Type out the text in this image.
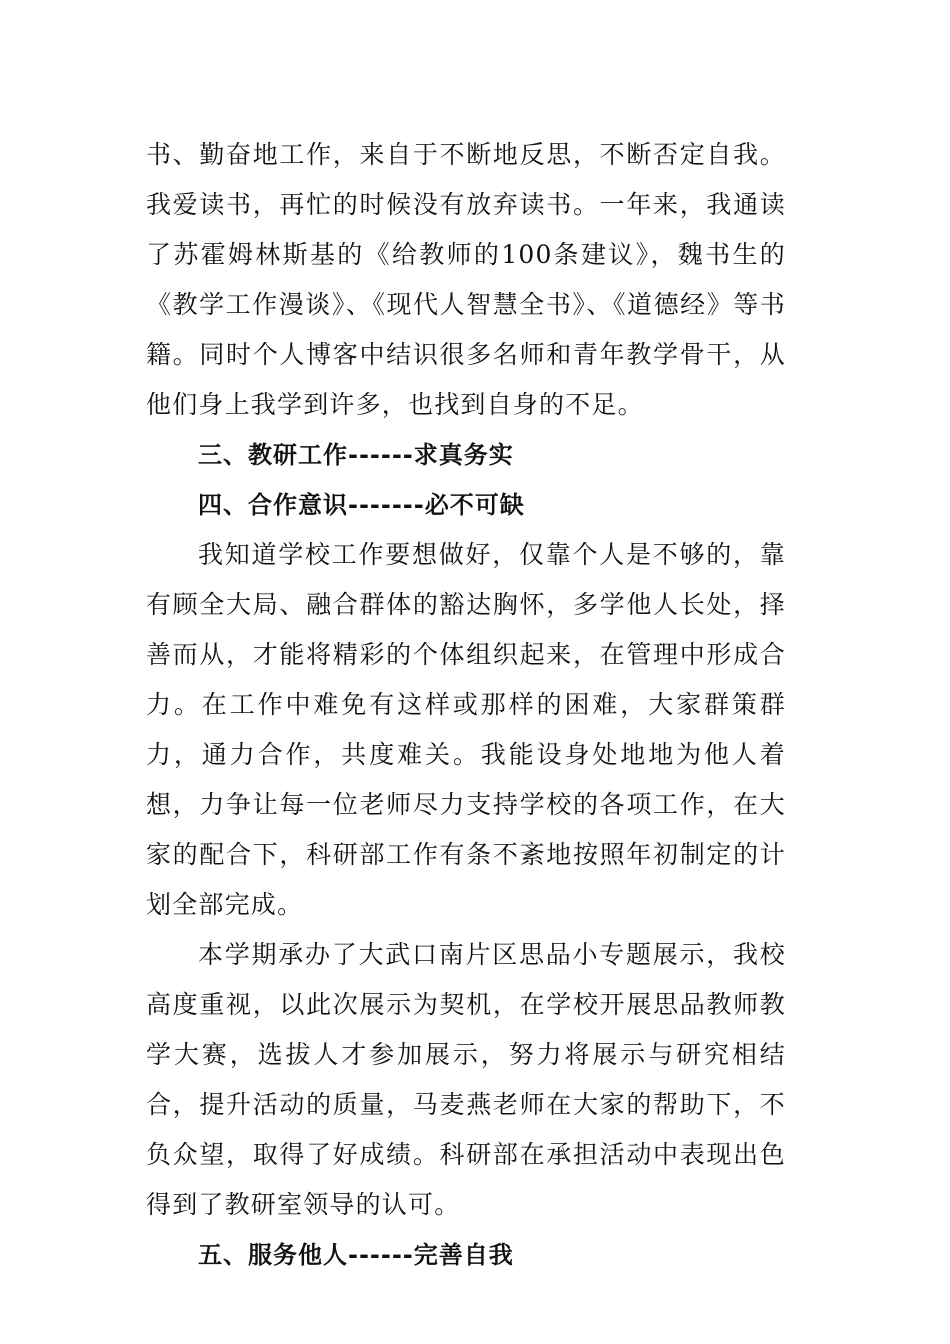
书、勤奋地工作，来自于不断地反思，不断否定自我。我爱读书，再忙的时候没有放弃读书。一年来，我通读了苏霍姆林斯基的《给教师的100条建议》，魏书生的《教学工作漫谈》、《现代人智慧全书》、《道德经》等书籍。同时个人博客中结识很多名师和青年教学骨干，从他们身上我学到许多，也找到自身的不足。

三、教研工作------求真务实

四、合作意识-------必不可缺

我知道学校工作要想做好，仅靠个人是不够的，靠有顾全大局、融合群体的豁达胸怀，多学他人长处，择善而从，才能将精彩的个体组织起来，在管理中形成合力。在工作中难免有这样或那样的困难，大家群策群力，通力合作，共度难关。我能设身处地地为他人着想，力争让每一位老师尽力支持学校的各项工作，在大家的配合下，科研部工作有条不紊地按照年初制定的计划全部完成。

本学期承办了大武口南片区思品小专题展示，我校高度重视，以此次展示为契机，在学校开展思品教师教学大赛，选拔人才参加展示，努力将展示与研究相结合，提升活动的质量，马麦燕老师在大家的帮助下，不负众望，取得了好成绩。科研部在承担活动中表现出色得到了教研室领导的认可。

五、服务他人------完善自我
